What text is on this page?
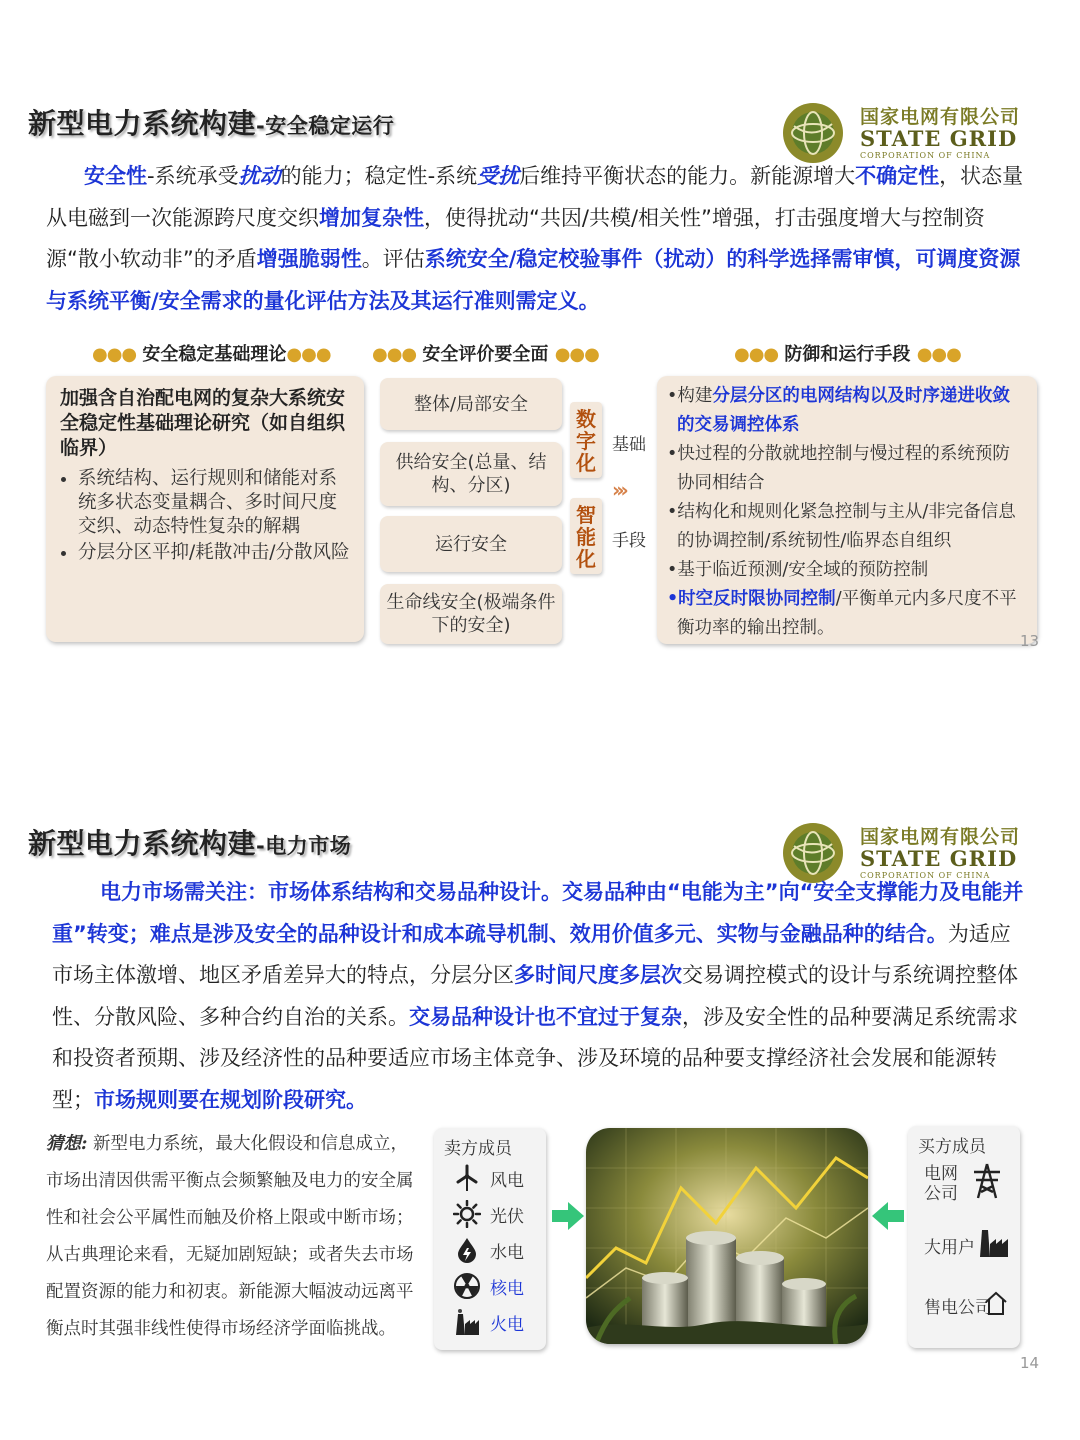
新型电力系统构建-安全稳定运行	国家电网有限公司
STATE GRID
CORPORATION OF CHINA
安全性-系统承受扰动的能力；稳定性-系统受扰后维持平衡状态的能力。新能源增大不确定性，状态量从电磁到一次能源跨尺度交织增加复杂性，使得扰动“共因/共模/相关性”增强，打击强度增大与控制资源“散小软动非”的矛盾增强脆弱性。评估系统安全/稳定校验事件（扰动）的科学选择需审慎，可调度资源与系统平衡/安全需求的量化评估方法及其运行准则需定义。
●●● 安全稳定基础理论●●● ●●● 安全评价要全面 ●●●	●●● 防御和运行手段 ●●●
加强含自治配电网的复杂大系统安全稳定性基础理论研究（如自组织临界）
• 系统结构、运行规则和储能对系统多状态变量耦合、多时间尺度交织、动态特性复杂的解耦
• 分层分区平抑/耗散冲击/分散风险
整体/局部安全
供给安全(总量、结构、分区)
运行安全
生命线安全(极端条件下的安全)
数
字
化
智
能
化
基础
›››
手段
•构建分层分区的电网结构以及时序递进收敛的交易调控体系
•快过程的分散就地控制与慢过程的系统预防协同相结合
•结构化和规则化紧急控制与主从/非完备信息的协调控制/系统韧性/临界态自组织
•基于临近预测/安全域的预防控制
•时空反时限协同控制/平衡单元内多尺度不平衡功率的输出控制。
13
新型电力系统构建-电力市场	国家电网有限公司
STATE GRID
CORPORATION OF CHINA
电力市场需关注：市场体系结构和交易品种设计。交易品种由“电能为主”向“安全支撑能力及电能并重”转变；难点是涉及安全的品种设计和成本疏导机制、效用价值多元、实物与金融品种的结合。为适应市场主体激增、地区矛盾差异大的特点，分层分区多时间尺度多层次交易调控模式的设计与系统调控整体性、分散风险、多种合约自治的关系。交易品种设计也不宜过于复杂，涉及安全性的品种要满足系统需求和投资者预期、涉及经济性的品种要适应市场主体竞争、涉及环境的品种要支撑经济社会发展和能源转型；市场规则要在规划阶段研究。
猜想: 新型电力系统，最大化假设和信息成立，市场出清因供需平衡点会频繁触及电力的安全属性和社会公平属性而触及价格上限或中断市场；从古典理论来看，无疑加剧短缺；或者失去市场配置资源的能力和初衷。新能源大幅波动远离平衡点时其强非线性使得市场经济学面临挑战。
卖方成员
风电
光伏
水电
核电
火电
买方成员
电网公司
大用户
售电公司
14
